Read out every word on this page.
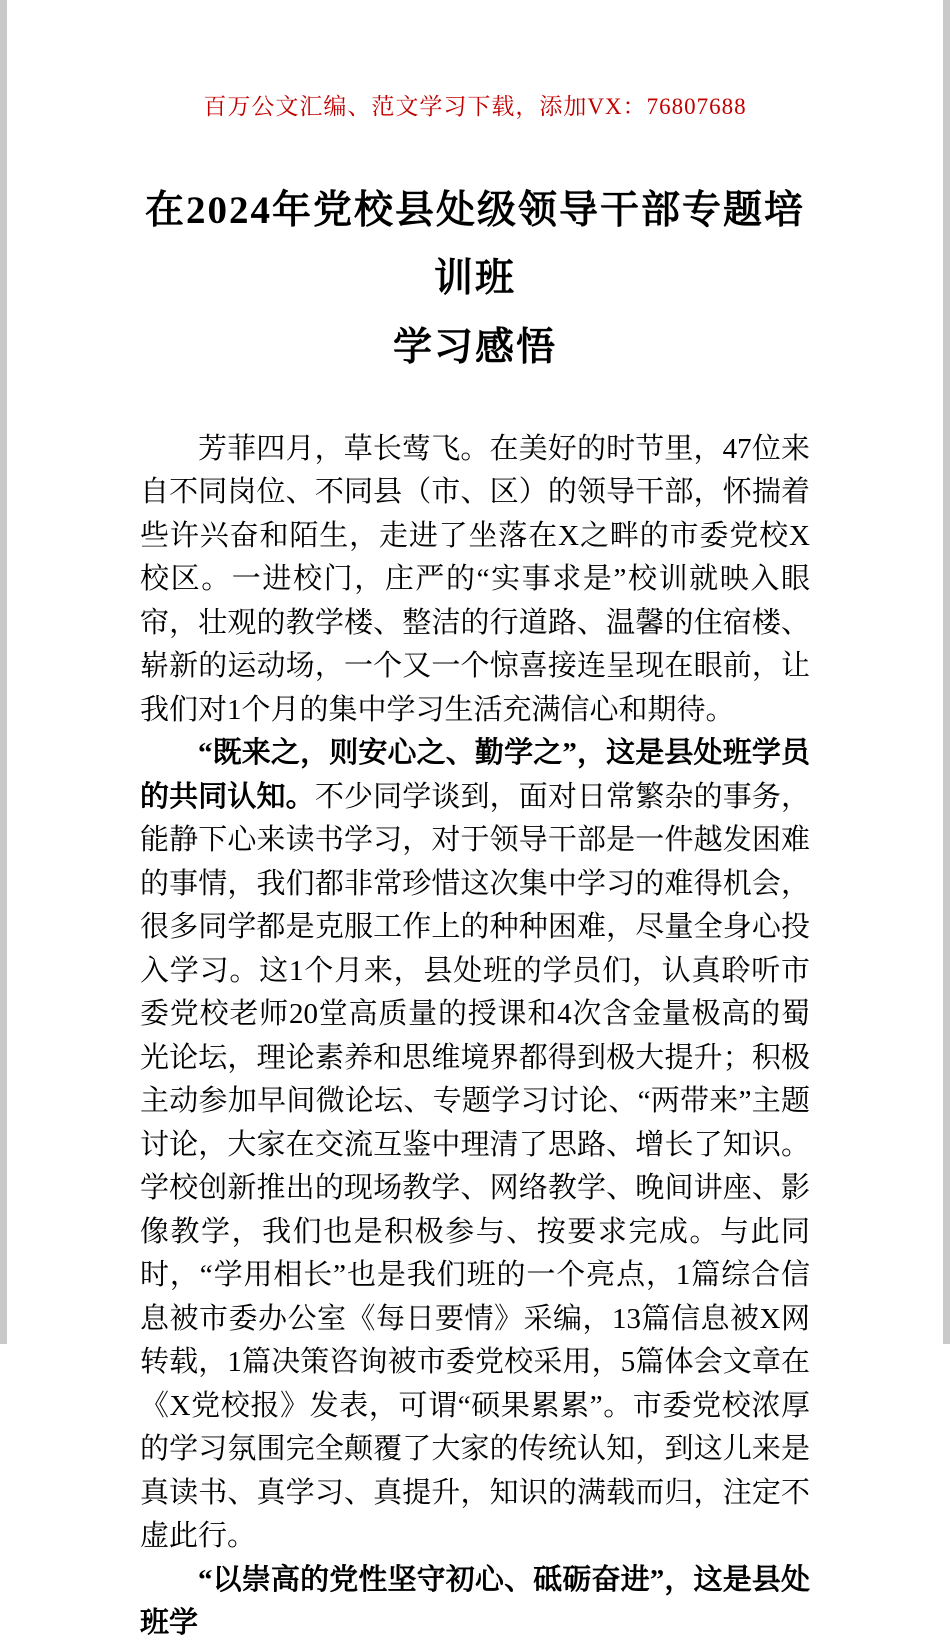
百万公文汇编、范文学习下载，添加VX：76807688
在2024年党校县处级领导干部专题培训班
学习感悟

芳菲四月，草长莺飞。在美好的时节里，47位来自不同岗位、不同县（市、区）的领导干部，怀揣着些许兴奋和陌生，走进了坐落在X之畔的市委党校X校区。一进校门，庄严的“实事求是”校训就映入眼帘，壮观的教学楼、整洁的行道路、温馨的住宿楼、崭新的运动场，一个又一个惊喜接连呈现在眼前，让我们对1个月的集中学习生活充满信心和期待。

“既来之，则安心之、勤学之”，这是县处班学员的共同认知。不少同学谈到，面对日常繁杂的事务，能静下心来读书学习，对于领导干部是一件越发困难的事情，我们都非常珍惜这次集中学习的难得机会，很多同学都是克服工作上的种种困难，尽量全身心投入学习。这1个月来，县处班的学员们，认真聆听市委党校老师20堂高质量的授课和4次含金量极高的蜀光论坛，理论素养和思维境界都得到极大提升；积极主动参加早间微论坛、专题学习讨论、“两带来”主题讨论，大家在交流互鉴中理清了思路、增长了知识。学校创新推出的现场教学、网络教学、晚间讲座、影像教学，我们也是积极参与、按要求完成。与此同时，“学用相长”也是我们班的一个亮点，1篇综合信息被市委办公室《每日要情》采编，13篇信息被X网转载，1篇决策咨询被市委党校采用，5篇体会文章在《X党校报》发表，可谓“硕果累累”。市委党校浓厚的学习氛围完全颠覆了大家的传统认知，到这儿来是真读书、真学习、真提升，知识的满载而归，注定不虚此行。

“以崇高的党性坚守初心、砥砺奋进”，这是县处班学
